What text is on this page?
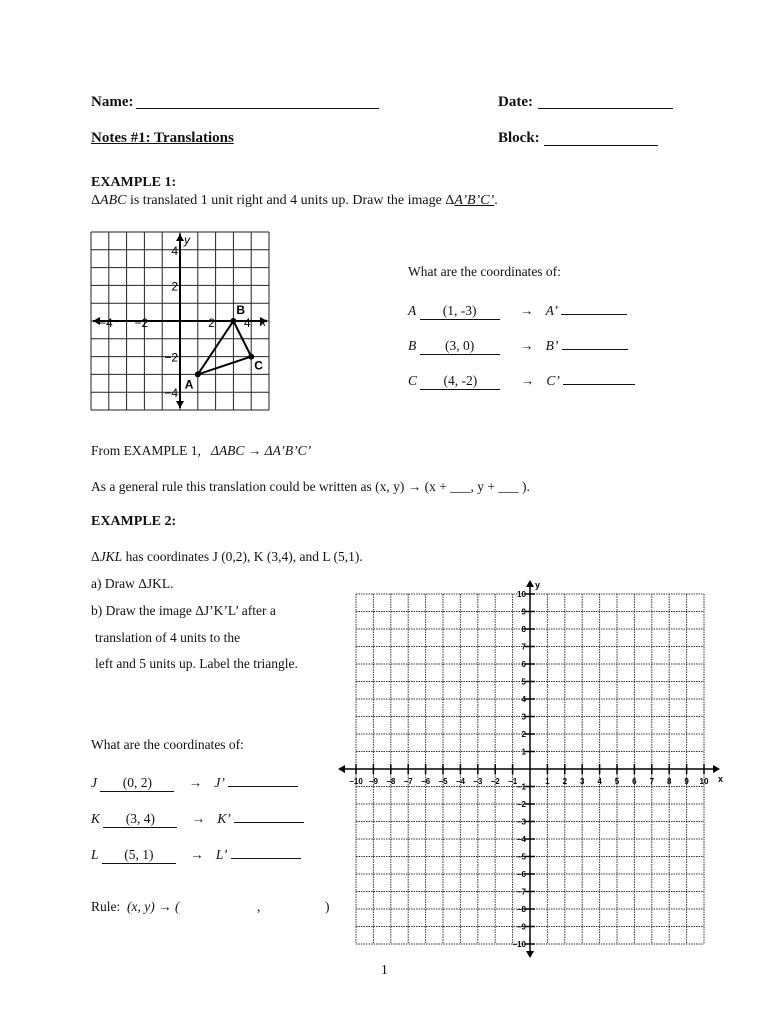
Name:	Date:
Notes #1: Translations	Block:
EXAMPLE 1:
ΔABC is translated 1 unit right and 4 units up. Draw the image ΔA’B’C’.
y
x
−4 −2	2 4
4
2
−2
−4
A
B
C
What are the coordinates of:
A (1, -3)	→ A’
B (3, 0)	→ B’
C (4, -2)	→ C’
From EXAMPLE 1, ΔABC → ΔA’B’C’
As a general rule this translation could be written as (x, y) → (x + ___, y + ___ ).
EXAMPLE 2:
ΔJKL has coordinates J (0,2), K (3,4), and L (5,1).
a) Draw ΔJKL.
b) Draw the image ΔJ’K’L’ after a
translation of 4 units to the
left and 5 units up. Label the triangle.
What are the coordinates of:
J (0, 2)	→ J’
K (3, 4)	→ K’
L (5, 1)	→ L’
Rule: (x, y) → (	,	)
x
y
−10 −9 −8 −7 −6 −5 −4 −3 −2 −1	1 2 3 4 5 6 7 8 9 10
−10
−9
−8
−7
−6
−5
−4
−3
−2
−1
1
2
3
4
5
6
7
8
9
10
1
